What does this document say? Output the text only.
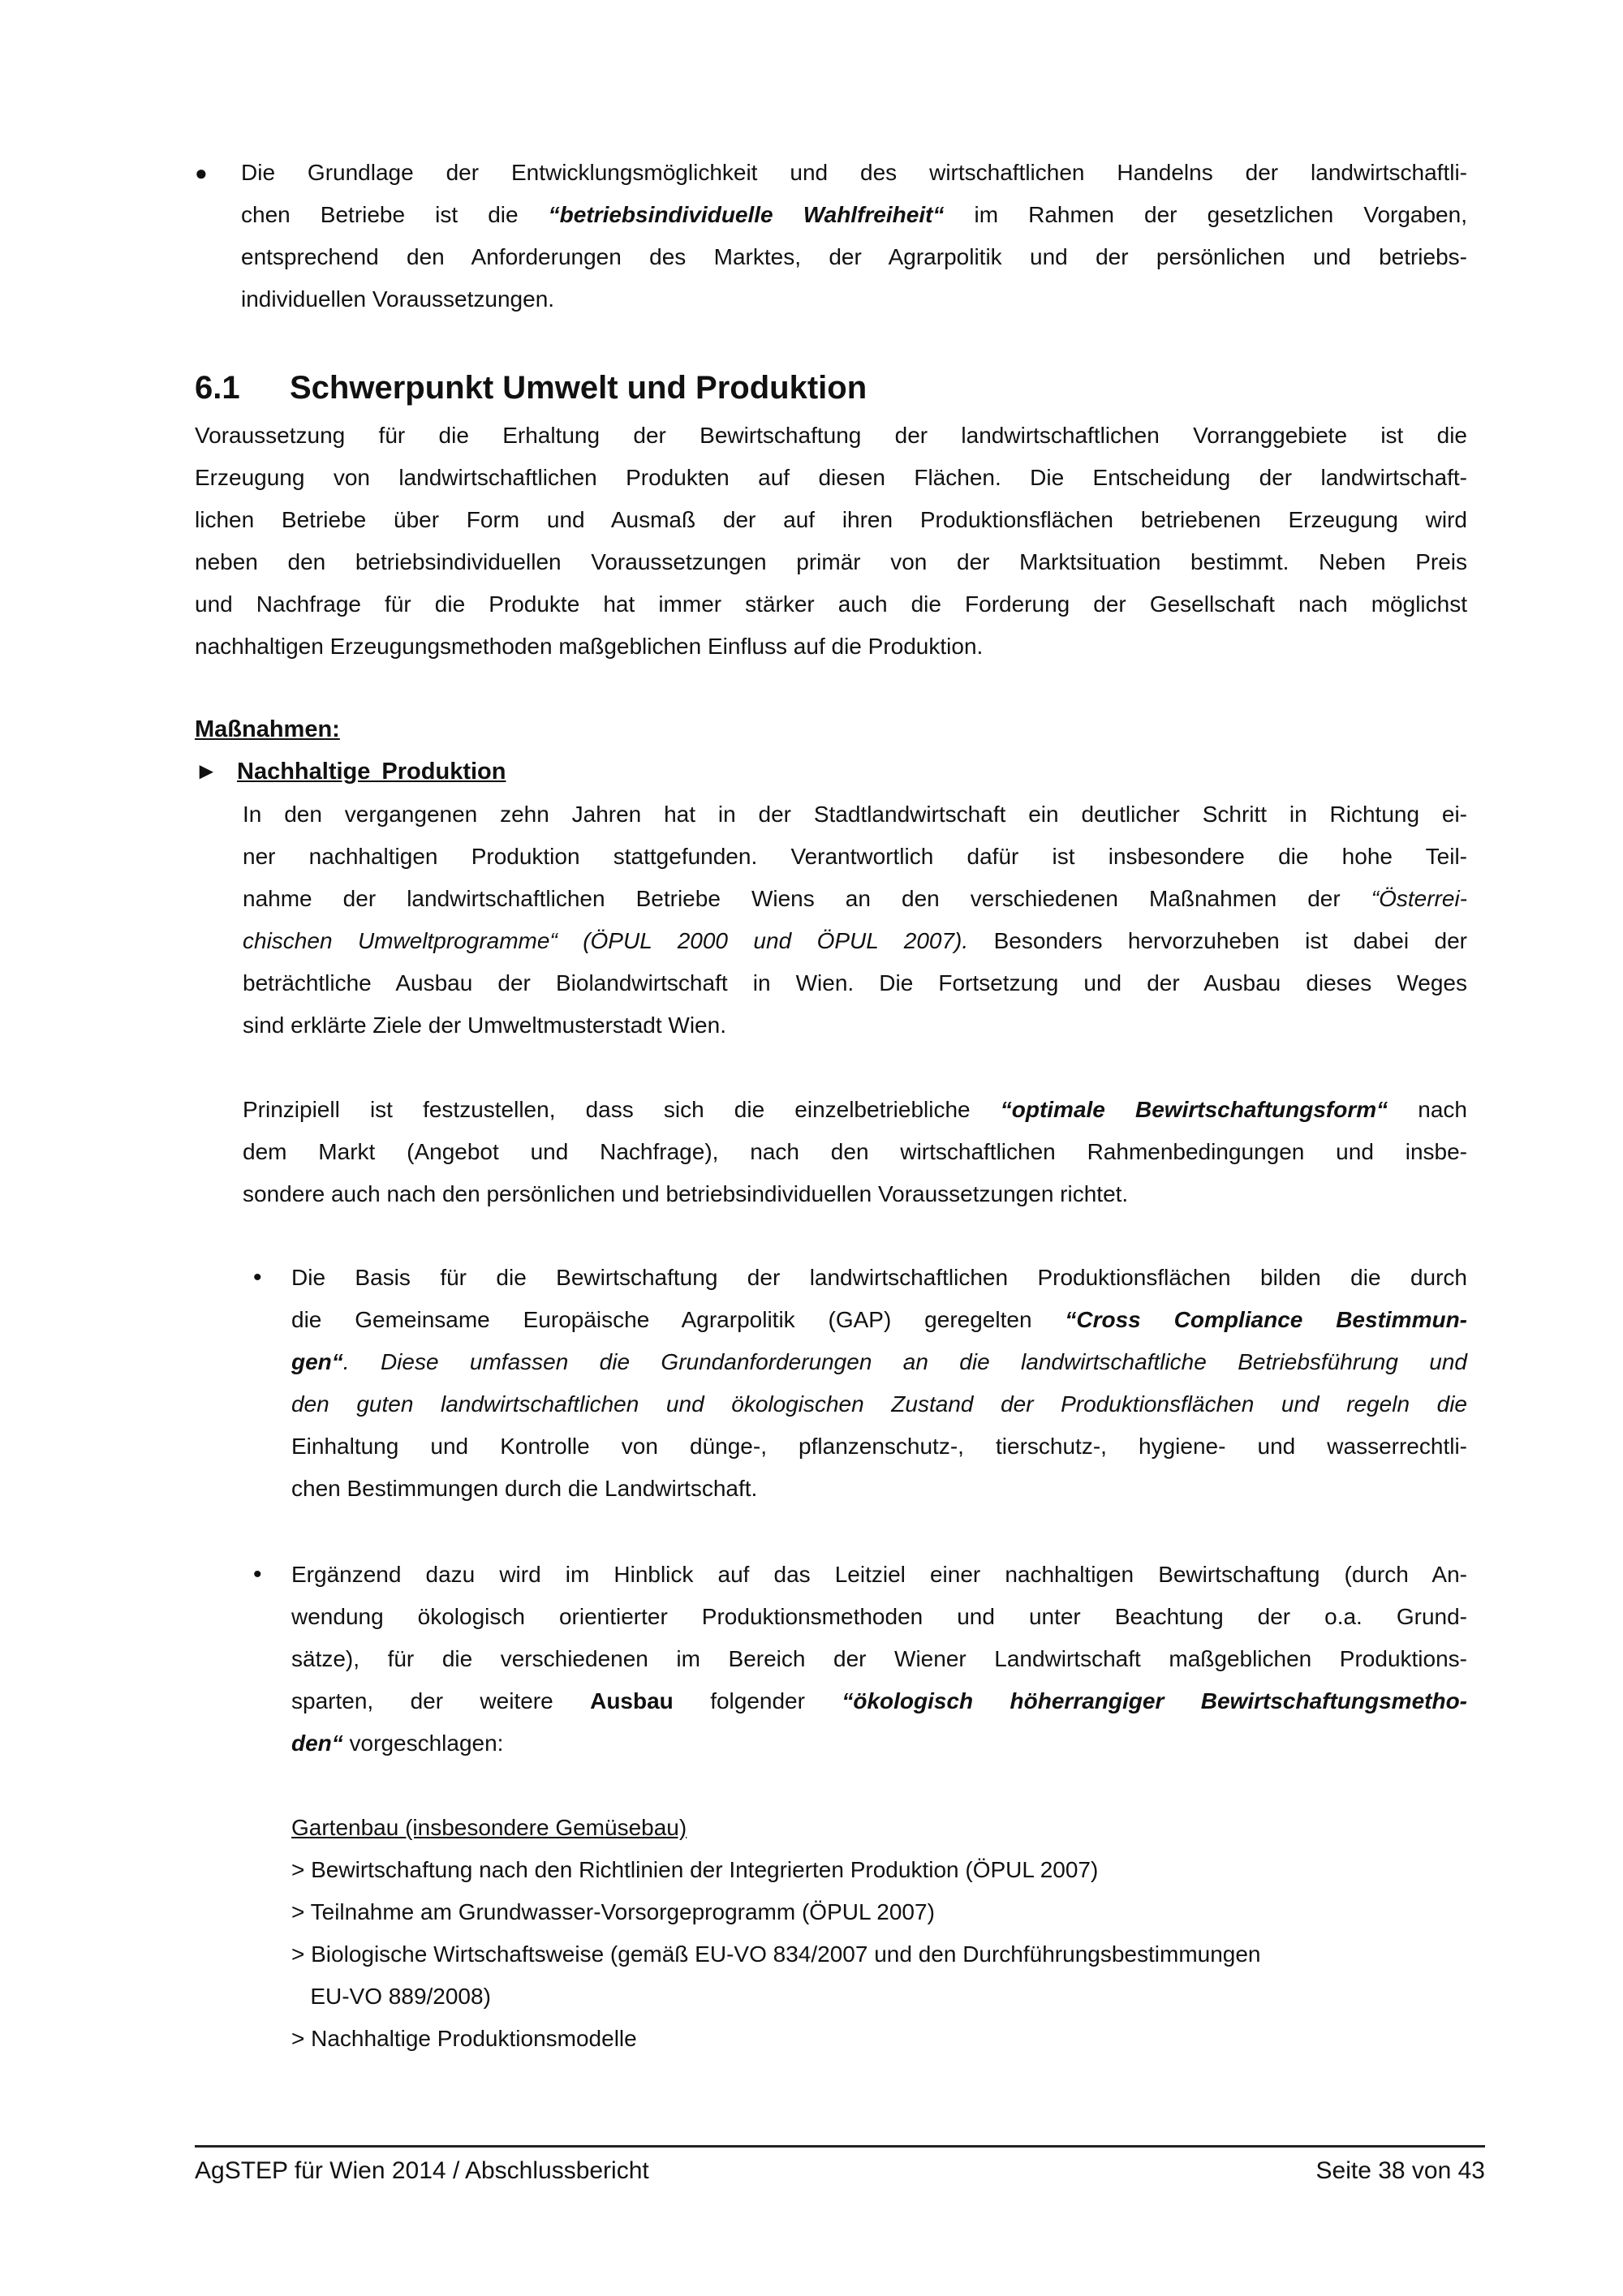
● Die Grundlage der Entwicklungsmöglichkeit und des wirtschaftlichen Handelns der landwirtschaftli-
chen Betriebe ist die “betriebsindividuelle Wahlfreiheit“ im Rahmen der gesetzlichen Vorgaben,
entsprechend den Anforderungen des Marktes, der Agrarpolitik und der persönlichen und betriebs-
individuellen Voraussetzungen.
6.1 Schwerpunkt Umwelt und Produktion
Voraussetzung für die Erhaltung der Bewirtschaftung der landwirtschaftlichen Vorranggebiete ist die
Erzeugung von landwirtschaftlichen Produkten auf diesen Flächen. Die Entscheidung der landwirtschaft-
lichen Betriebe über Form und Ausmaß der auf ihren Produktionsflächen betriebenen Erzeugung wird
neben den betriebsindividuellen Voraussetzungen primär von der Marktsituation bestimmt. Neben Preis
und Nachfrage für die Produkte hat immer stärker auch die Forderung der Gesellschaft nach möglichst
nachhaltigen Erzeugungsmethoden maßgeblichen Einfluss auf die Produktion.
Maßnahmen:
► Nachhaltige Produktion
In den vergangenen zehn Jahren hat in der Stadtlandwirtschaft ein deutlicher Schritt in Richtung ei-
ner nachhaltigen Produktion stattgefunden. Verantwortlich dafür ist insbesondere die hohe Teil-
nahme der landwirtschaftlichen Betriebe Wiens an den verschiedenen Maßnahmen der “Österrei-
chischen Umweltprogramme“ (ÖPUL 2000 und ÖPUL 2007). Besonders hervorzuheben ist dabei der
beträchtliche Ausbau der Biolandwirtschaft in Wien. Die Fortsetzung und der Ausbau dieses Weges
sind erklärte Ziele der Umweltmusterstadt Wien.
Prinzipiell ist festzustellen, dass sich die einzelbetriebliche “optimale Bewirtschaftungsform“ nach
dem Markt (Angebot und Nachfrage), nach den wirtschaftlichen Rahmenbedingungen und insbe-
sondere auch nach den persönlichen und betriebsindividuellen Voraussetzungen richtet.
• Die Basis für die Bewirtschaftung der landwirtschaftlichen Produktionsflächen bilden die durch
die Gemeinsame Europäische Agrarpolitik (GAP) geregelten “Cross Compliance Bestimmun-
gen“. Diese umfassen die Grundanforderungen an die landwirtschaftliche Betriebsführung und
den guten landwirtschaftlichen und ökologischen Zustand der Produktionsflächen und regeln die
Einhaltung und Kontrolle von dünge-, pflanzenschutz-, tierschutz-, hygiene- und wasserrechtli-
chen Bestimmungen durch die Landwirtschaft.
• Ergänzend dazu wird im Hinblick auf das Leitziel einer nachhaltigen Bewirtschaftung (durch An-
wendung ökologisch orientierter Produktionsmethoden und unter Beachtung der o.a. Grund-
sätze), für die verschiedenen im Bereich der Wiener Landwirtschaft maßgeblichen Produktions-
sparten, der weitere Ausbau folgender “ökologisch höherrangiger Bewirtschaftungsmetho-
den“ vorgeschlagen:
Gartenbau (insbesondere Gemüsebau)
> Bewirtschaftung nach den Richtlinien der Integrierten Produktion (ÖPUL 2007)
> Teilnahme am Grundwasser-Vorsorgeprogramm (ÖPUL 2007)
> Biologische Wirtschaftsweise (gemäß EU-VO 834/2007 und den Durchführungsbestimmungen
EU-VO 889/2008)
> Nachhaltige Produktionsmodelle
AgSTEP für Wien 2014 / Abschlussbericht	Seite 38 von 43
